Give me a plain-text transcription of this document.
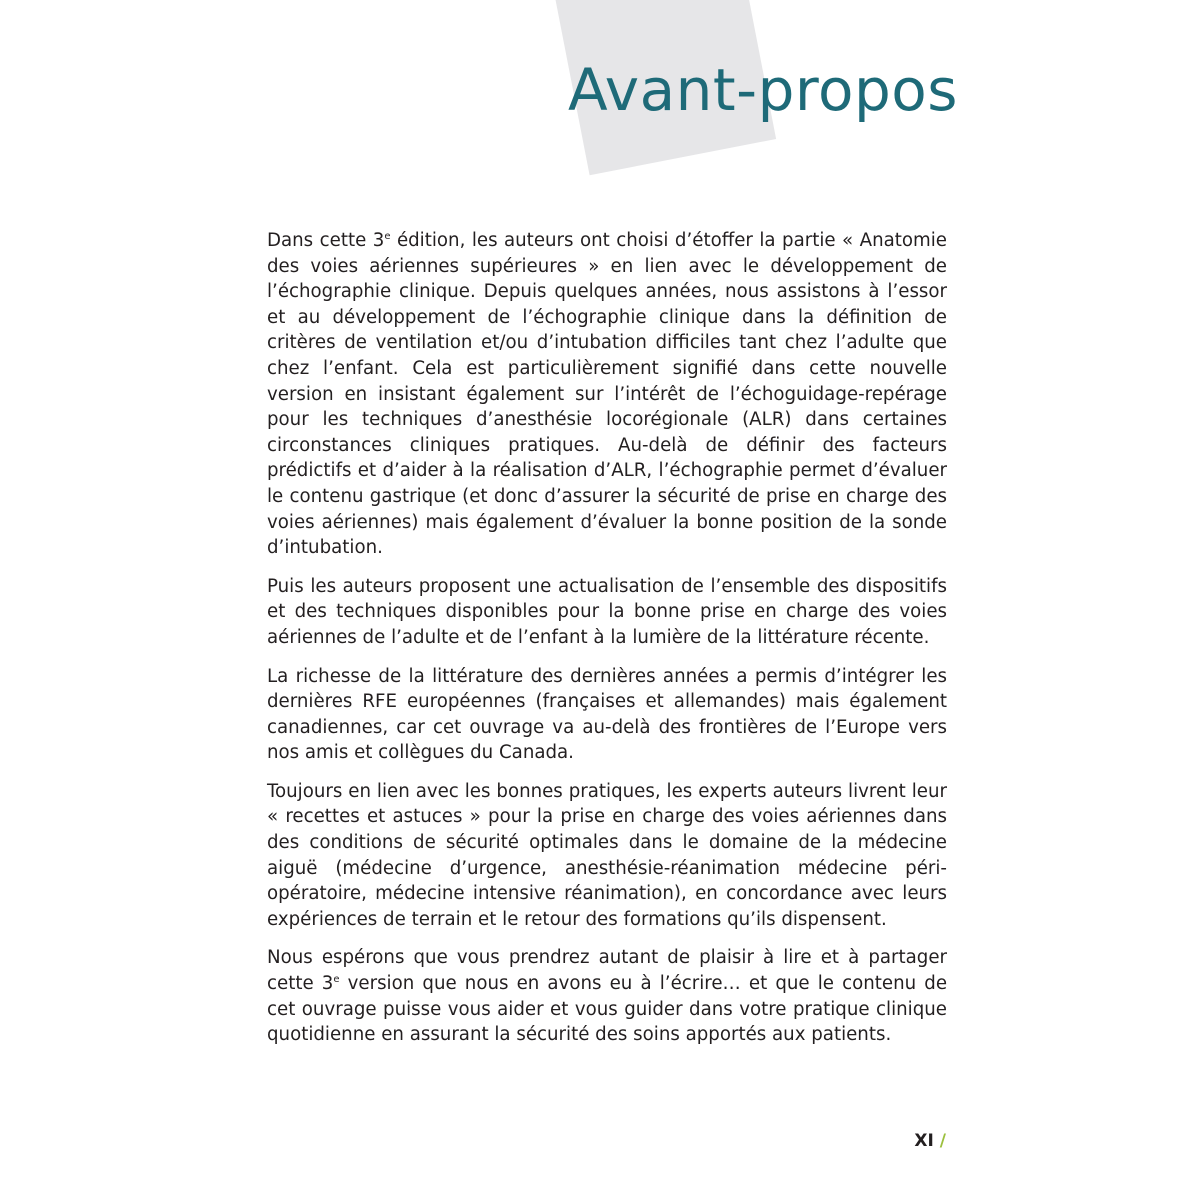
Avant-propos

Dans cette 3e édition, les auteurs ont choisi d’étoffer la partie « Anatomie des voies aériennes supérieures » en lien avec le développement de l’échographie clinique. Depuis quelques années, nous assistons à l’essor et au développement de l’échographie clinique dans la définition de critères de ventilation et/ou d’intubation difficiles tant chez l’adulte que chez l’enfant. Cela est particulièrement signifié dans cette nouvelle version en insistant également sur l’intérêt de l’échoguidage-repérage pour les techniques d’anesthésie locorégionale (ALR) dans certaines circonstances cliniques pratiques. Au-delà de définir des facteurs prédictifs et d’aider à la réalisation d’ALR, l’échographie permet d’évaluer le contenu gastrique (et donc d’assurer la sécurité de prise en charge des voies aériennes) mais également d’évaluer la bonne position de la sonde d’intubation.

Puis les auteurs proposent une actualisation de l’ensemble des dispositifs et des techniques disponibles pour la bonne prise en charge des voies aériennes de l’adulte et de l’enfant à la lumière de la littérature récente.

La richesse de la littérature des dernières années a permis d’intégrer les dernières RFE européennes (françaises et allemandes) mais également canadiennes, car cet ouvrage va au-delà des frontières de l’Europe vers nos amis et collègues du Canada.

Toujours en lien avec les bonnes pratiques, les experts auteurs livrent leur « recettes et astuces » pour la prise en charge des voies aériennes dans des conditions de sécurité optimales dans le domaine de la médecine aiguë (médecine d’urgence, anesthésie-réanimation médecine péri-opératoire, médecine intensive réanimation), en concordance avec leurs expériences de terrain et le retour des formations qu’ils dispensent.

Nous espérons que vous prendrez autant de plaisir à lire et à partager cette 3e version que nous en avons eu à l’écrire… et que le contenu de cet ouvrage puisse vous aider et vous guider dans votre pratique clinique quotidienne en assurant la sécurité des soins apportés aux patients.

XI /
